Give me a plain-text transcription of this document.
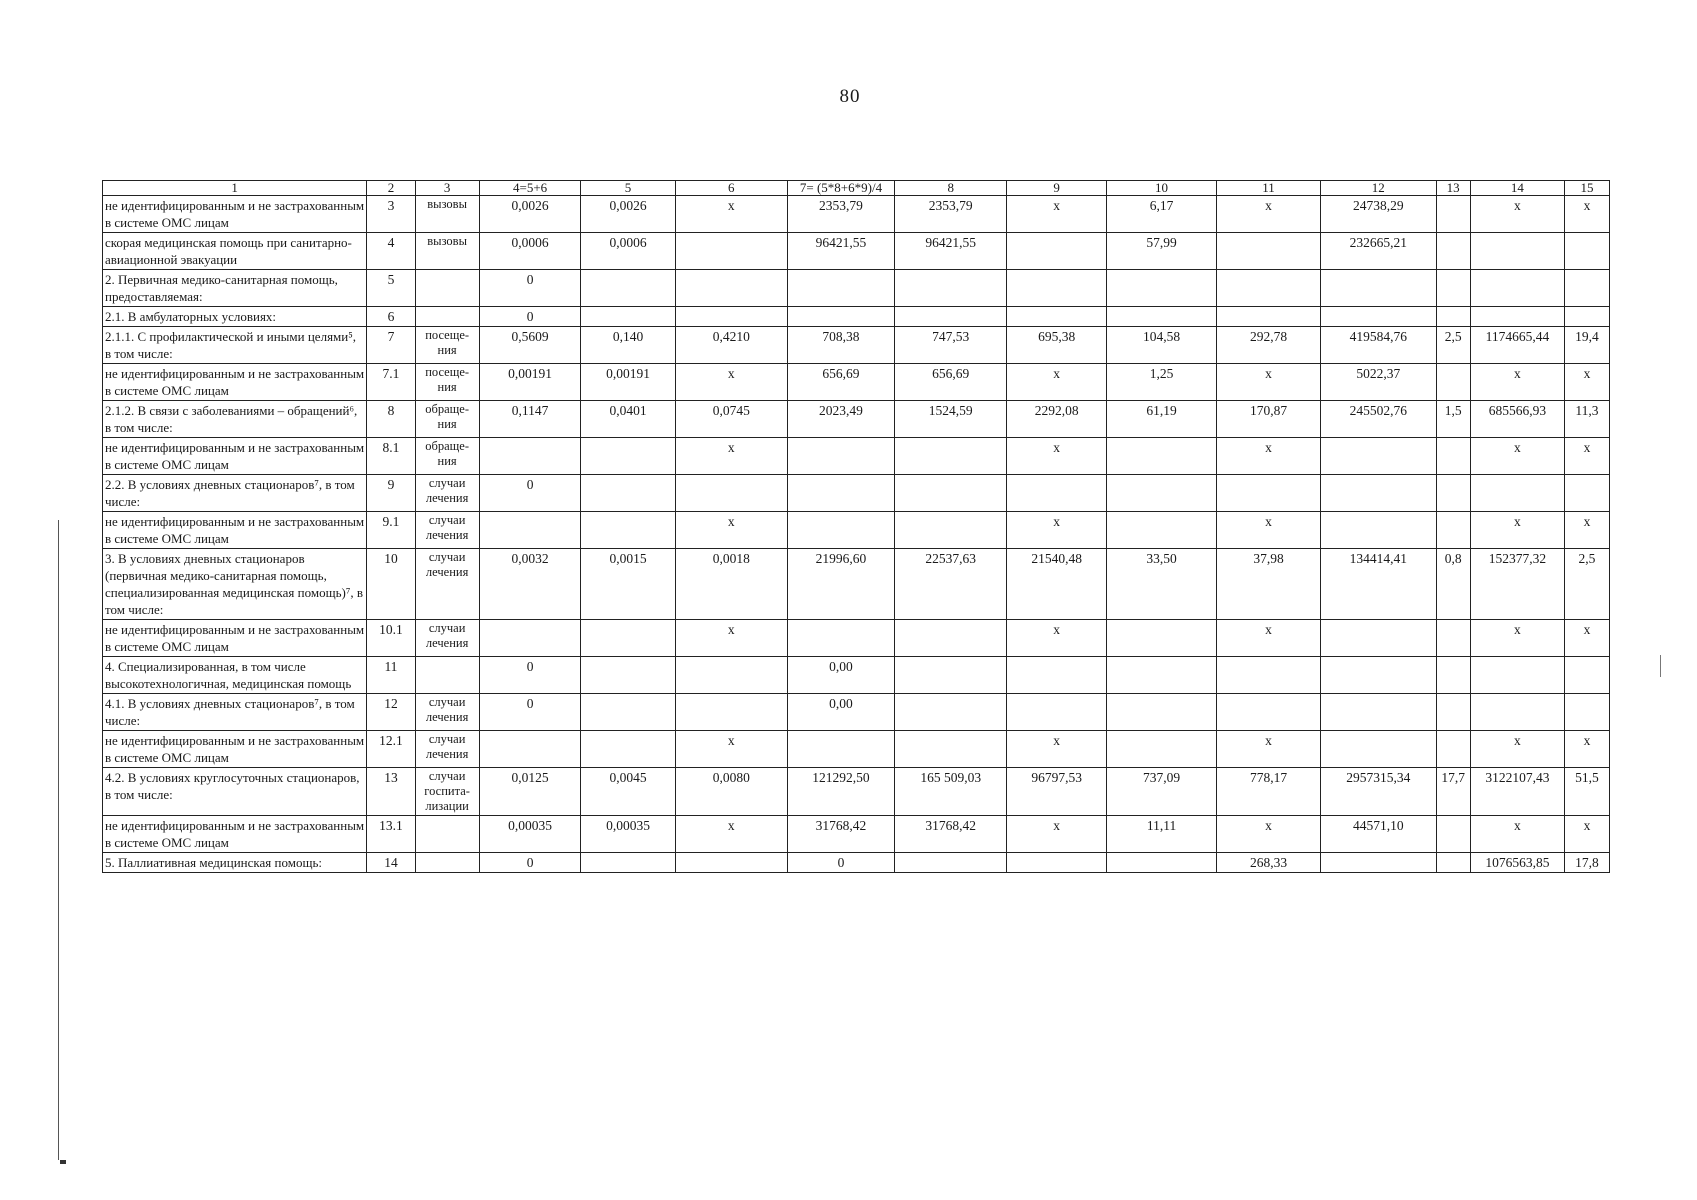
80
1	2	3	4=5+6	5	6	7= (5*8+6*9)/4	8	9	10	11	12	13	14	15
не идентифицированным и не застрахованным в системе ОМС лицам	3	вызовы	0,0026	0,0026	х	2353,79	2353,79	х	6,17	х	24738,29		х	х
скорая медицинская помощь при санитарно-авиационной эвакуации	4	вызовы	0,0006	0,0006		96421,55	96421,55		57,99		232665,21			
2. Первичная медико-санитарная помощь, предоставляемая:	5		0											
2.1. В амбулаторных условиях:	6		0											
2.1.1. С профилактической и иными целями⁵, в том числе:	7	посеще-ния	0,5609	0,140	0,4210	708,38	747,53	695,38	104,58	292,78	419584,76	2,5	1174665,44	19,4
не идентифицированным и не застрахованным в системе ОМС лицам	7.1	посеще-ния	0,00191	0,00191	х	656,69	656,69	х	1,25	х	5022,37		х	х
2.1.2. В связи с заболеваниями – обращений⁶, в том числе:	8	обраще-ния	0,1147	0,0401	0,0745	2023,49	1524,59	2292,08	61,19	170,87	245502,76	1,5	685566,93	11,3
не идентифицированным и не застрахованным в системе ОМС лицам	8.1	обраще-ния			х			х		х			х	х
2.2. В условиях дневных стационаров⁷, в том числе:	9	случаи лечения	0											
не идентифицированным и не застрахованным в системе ОМС лицам	9.1	случаи лечения			х			х		х			х	х
3. В условиях дневных стационаров (первичная медико-санитарная помощь, специализированная медицинская помощь)⁷, в том числе:	10	случаи лечения	0,0032	0,0015	0,0018	21996,60	22537,63	21540,48	33,50	37,98	134414,41	0,8	152377,32	2,5
не идентифицированным и не застрахованным в системе ОМС лицам	10.1	случаи лечения			х			х		х			х	х
4. Специализированная, в том числе высокотехнологичная, медицинская помощь	11		0			0,00								
4.1. В условиях дневных стационаров⁷, в том числе:	12	случаи лечения	0			0,00								
не идентифицированным и не застрахованным в системе ОМС лицам	12.1	случаи лечения			х			х		х			х	х
4.2. В условиях круглосуточных стационаров, в том числе:	13	случаи госпита-лизации	0,0125	0,0045	0,0080	121292,50	165 509,03	96797,53	737,09	778,17	2957315,34	17,7	3122107,43	51,5
не идентифицированным и не застрахованным в системе ОМС лицам	13.1		0,00035	0,00035	х	31768,42	31768,42	х	11,11	х	44571,10		х	х
5. Паллиативная медицинская помощь:	14		0			0				268,33			1076563,85	17,8
